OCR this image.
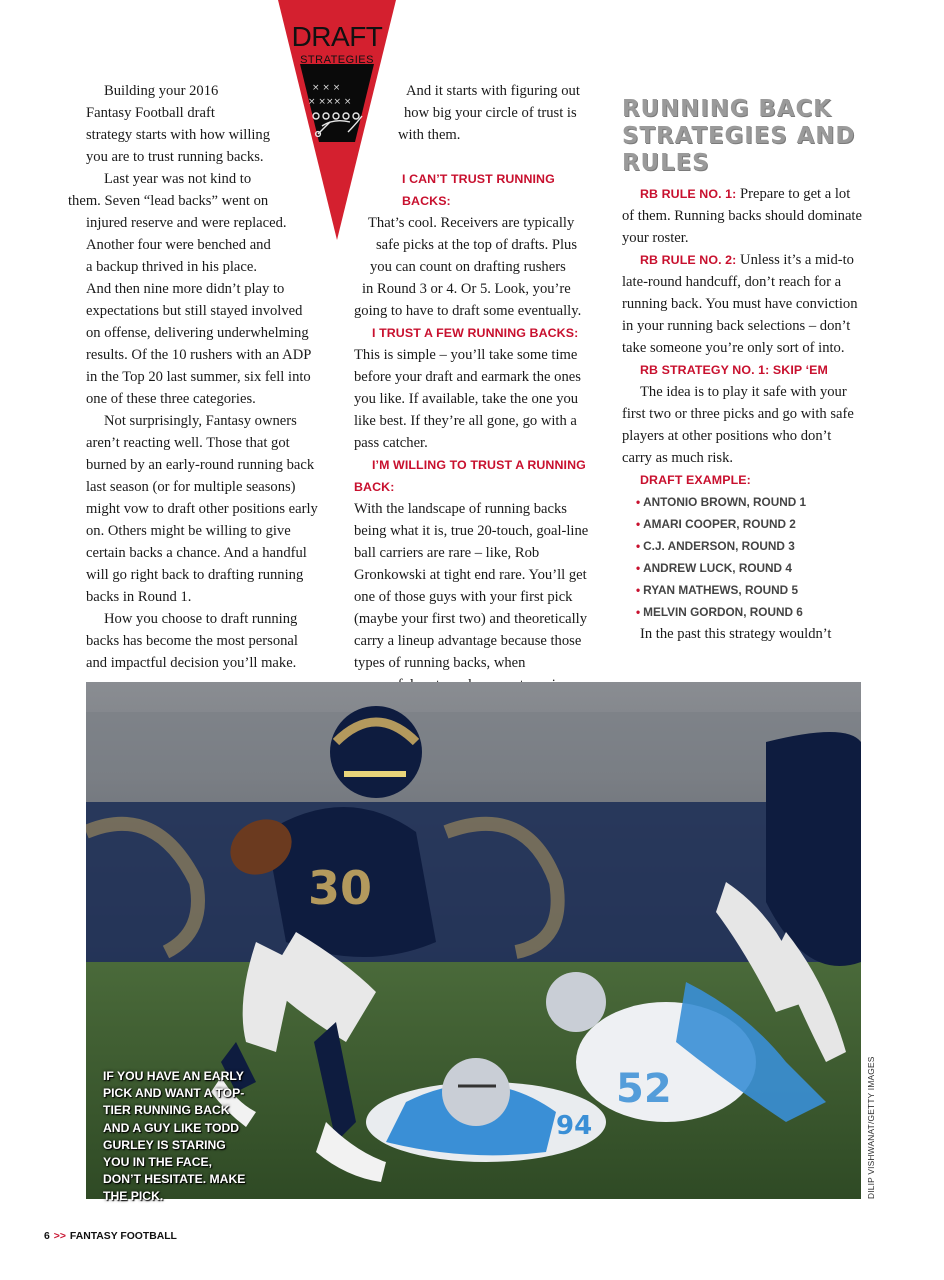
× × ×
× ××× ×
DRAFT
STRATEGIES

Building your 2016
Fantasy Football draft
strategy starts with how willing
you are to trust running backs.

Last year was not kind to
them. Seven “lead backs” went on
injured reserve and were replaced.
Another four were benched and
a backup thrived in his place.
And then nine more didn’t play to
expectations but still stayed involved
on offense, delivering underwhelming
results. Of the 10 rushers with an ADP
in the Top 20 last summer, six fell into
one of these three categories.

Not surprisingly, Fantasy owners aren’t reacting well. Those that got burned by an early-round running back last season (or for multiple seasons) might vow to draft other positions early on. Others might be willing to give certain backs a chance. And a handful will go right back to drafting running backs in Round 1.

How you choose to draft running backs has become the most personal and impactful decision you’ll make.

And it starts with figuring out
how big your circle of trust is
with them.

I CAN’T TRUST RUNNING BACKS:

That’s cool. Receivers are typically
safe picks at the top of drafts. Plus
you can count on drafting rushers
in Round 3 or 4. Or 5. Look, you’re
going to have to draft some eventually.

I TRUST A FEW RUNNING BACKS: This is simple – you’ll take some time before your draft and earmark the ones you like. If available, take the one you like best. If they’re all gone, go with a pass catcher.

I’M WILLING TO TRUST A RUNNING BACK:

With the landscape of running backs being what it is, true 20-touch, goal-line ball carriers are rare – like, Rob Gronkowski at tight end rare. You’ll get one of those guys with your first pick (maybe your first two) and theoretically carry a lineup advantage because those types of running backs, when

RUNNING BACK
STRATEGIES AND
RULES

RB RULE NO. 1: Prepare to get a lot of them. Running backs should dominate your roster.

RB RULE NO. 2: Unless it’s a mid-to late-round handcuff, don’t reach for a running back. You must have conviction in your running back selections – don’t take someone you’re only sort of into.

RB STRATEGY NO. 1: SKIP ‘EM

The idea is to play it safe with your first two or three picks and go with safe players at other positions who don’t carry as much risk.

DRAFT EXAMPLE:

• ANTONIO BROWN, ROUND 1
• AMARI COOPER, ROUND 2
• C.J. ANDERSON, ROUND 3
• ANDREW LUCK, ROUND 4
• RYAN MATHEWS, ROUND 5
• MELVIN GORDON, ROUND 6

In the past this strategy wouldn’t

94
52
30
IF YOU HAVE AN EARLY PICK AND WANT A TOP-TIER RUNNING BACK AND A GUY LIKE TODD GURLEY IS STARING YOU IN THE FACE, DON’T HESITATE. MAKE THE PICK.	DILIP VISHWANAT/GETTY IMAGES
6 >> FANTASY FOOTBALL
